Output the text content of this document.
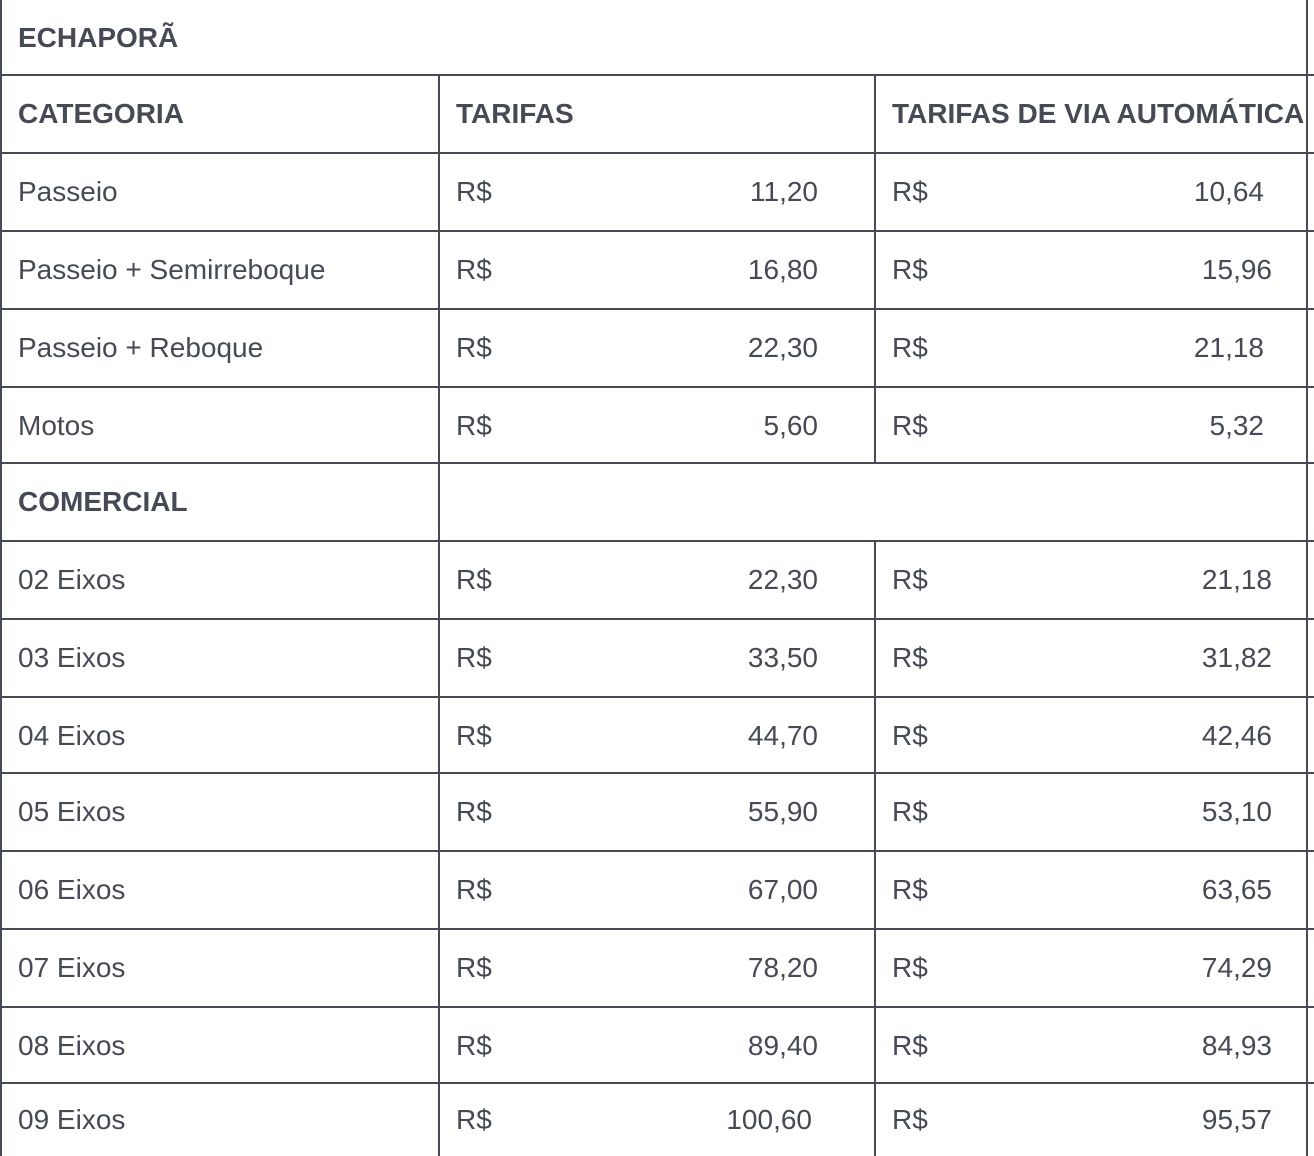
ECHAPORÃ
CATEGORIA	TARIFAS	TARIFAS DE VIA AUTOMÁTICA
Passeio	R$	11,20	R$	10,64
Passeio + Semirreboque	R$	16,80	R$	15,96
Passeio + Reboque	R$	22,30	R$	21,18
Motos	R$	5,60	R$	5,32
COMERCIAL
02 Eixos	R$	22,30	R$	21,18
03 Eixos	R$	33,50	R$	31,82
04 Eixos	R$	44,70	R$	42,46
05 Eixos	R$	55,90	R$	53,10
06 Eixos	R$	67,00	R$	63,65
07 Eixos	R$	78,20	R$	74,29
08 Eixos	R$	89,40	R$	84,93
09 Eixos	R$	100,60	R$	95,57
